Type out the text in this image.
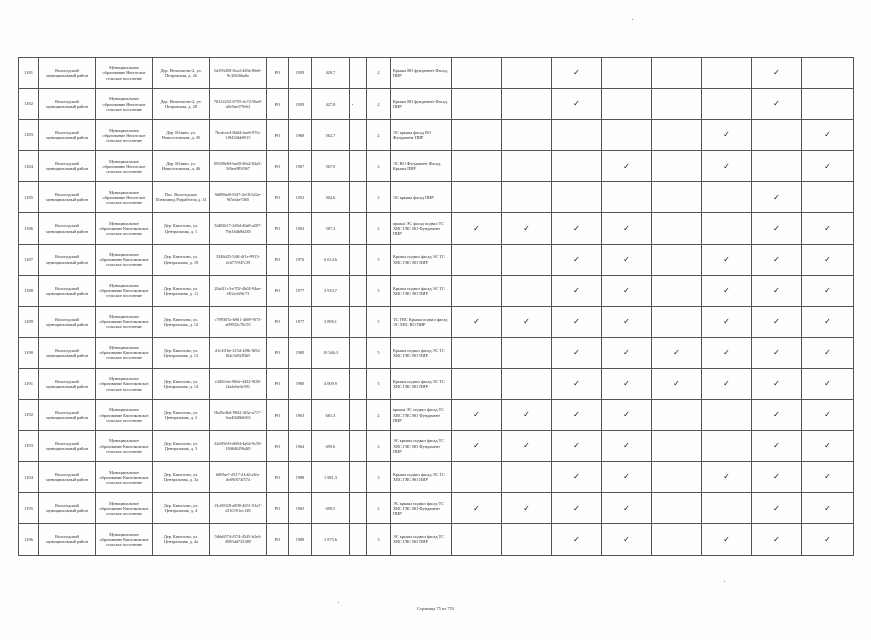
1181	Вологодский муниципальный район	Муниципальное образование Непотское сельское поселение	Дер. Непотягово-2, ул. Петровская, д. 26	0a393458-8ca4-449a-86e6-9c3f826ba6e	РО	1959	429,7		2	Крыша ВО фундамент Фасад, ПИР			✓				✓	
1182	Вологодский муниципальный район	Муниципальное образование Непотское сельское поселение	Дер. Непотягово-2, ул. Петровская, д. 28	76312252-6795-4c72-9be8-a8c9ae379e62	РО	1959	427,8		2	Крыша ВО фундамент Фасад, ПИР			✓				✓	
1183	Вологодский муниципальный район	Муниципальное образование Непотское сельское поселение	Дер. Юлино, ул. Новоселовская, д. 45	7bcdcee4-8dd4-4ae6-97fc-1f9434bb9015	РО	1968	562,7		2	ЭС крыша фасад ВО Фундамент ПИР						✓		✓
1184	Вологодский муниципальный район	Муниципальное образование Непотское сельское поселение	Дер. Юлино, ул. Новоселовская, д. 46	09200e84-ba49-48a2-82a5-5f6ee081f967	РО	1967	567,0		2	ЭС ВО Фундамент Фасад, Крыша ПИР				✓		✓		✓
1185	Вологодский муниципальный район	Муниципальное образование Непотское сельское поселение	Пос. Вологодское Племзавод Разработок д. 13	9d098af0-93f7-4e18-b22e-9f5e4ae7465	РО	1952	304,6		2	ЭС крыша фасад ПИР							✓	
1186	Вологодский муниципальный район	Муниципальное образование Кипелковское сельское поселение	Дер. Кипелово, ул. Центральная, д. 1	5fd03617-2d9d-40a8-a507-79a16db8d283	РО	1963	587,3		2	крыша ЭС фасад подвал ТС ХВС ГВС ВО Фундамент ПИР	✓	✓	✓	✓			✓	✓
1187	Вологодский муниципальный район	Муниципальное образование Кипелковское сельское поселение	Дер. Кипелово, ул. Центральная, д. 10	3348d25-54ff-4f1e-9915-2c677f947c59	РО	1976	6 014,6		5	Крыша подвал фасад ЭС ТС ХВС ГВС ВО ПИР			✓	✓		✓	✓	✓
1188	Вологодский муниципальный район	Муниципальное образование Кипелковское сельское поселение	Дер. Кипелово, ул. Центральная, д. 11	20a411c3-e702-4b02-94ae-f3f2ecb9fc73	РО	1977	3 910,7		5	Крыша подвал фасад ЭС ТС ХВС ГВС ВО ПИР			✓	✓		✓	✓	✓
1189	Вологодский муниципальный район	Муниципальное образование Кипелковское сельское поселение	Дер. Кипелово, ул. Центральная, д. 12	c789307a-b961-4609-9f7f-a09932c70c55	РО	1977	3 899,1		5	ТС ГВС Крыша подвал фасад ЭС ХВС ВО ПИР	✓	✓	✓	✓		✓	✓	✓
1190	Вологодский муниципальный район	Муниципальное образование Кипелковское сельское поселение	Дер. Кипелово, ул. Центральная, д. 13	d1c3f16e-215d-4f9b-8f52-f64c5e828365	РО	1980	10 546,3		5	Крыша подвал фасад ЭС ТС ХВС ГВС ВО ПИР			✓	✓	✓	✓	✓	✓
1191	Вологодский муниципальный район	Муниципальное образование Кипелковское сельское поселение	Дер. Кипелово, ул. Центральная, д. 14	e3d5fcbe-966e-4432-9f38-f2a4ebe3e591	РО	1980	4 009,9		5	Крыша подвал фасад ЭС ТС ХВС ГВС ВО ПИР			✓	✓	✓	✓	✓	✓
1192	Вологодский муниципальный район	Муниципальное образование Кипелковское сельское поселение	Дер. Кипелово, ул. Центральная, д. 2	0b45e3bd-9842-4f3a-a717-3ea49d0b6563	РО	1963	681,3		2	крыша ЭС подвал фасад ТС ХВС ГВС ВО Фундамент ПИР	✓	✓	✓	✓			✓	✓
1193	Вологодский муниципальный район	Муниципальное образование Кипелковское сельское поселение	Дер. Кипелово, ул. Центральная, д. 3	22e89c03-d684-4a64-9c59-18464629b4f0	РО	1964	699,6		2	ЭС крыша подвал фасад ТС ХВС ГВС ВО Фундамент ПИР	✓	✓	✓	✓			✓	✓
1194	Вологодский муниципальный район	Муниципальное образование Кипелковское сельское поселение	Дер. Кипелово, ул. Центральная, д. 3а	b8f9ae7-d517-41d2-a3fe-dc69f073f574	РО	1988	1 981,3		3	Крыша подвал фасад ЭС ТС ХВС ГВС ВО ПИР			✓	✓		✓	✓	✓
1195	Вологодский муниципальный район	Муниципальное образование Кипелковское сельское поселение	Дер. Кипелово, ул. Центральная, д. 4	13c69328-a898-4651-81a7-d161191ec128	РО	1965	699,5		2	ЭС крыша подвал фасад ТС ХВС ГВС ВО Фундамент ПИР	✓	✓	✓	✓			✓	✓
1196	Вологодский муниципальный район	Муниципальное образование Кипелковское сельское поселение	Дер. Кипелово, ул. Центральная, д. 4а	5fbb6574-f574-4545-b2e4-4985dd733389	РО	1988	1 975,6		3	ЭС крыша подвал фасад ТС ХВС ГВС ВО ПИР			✓	✓		✓	✓	✓
Страница 75 из 753
